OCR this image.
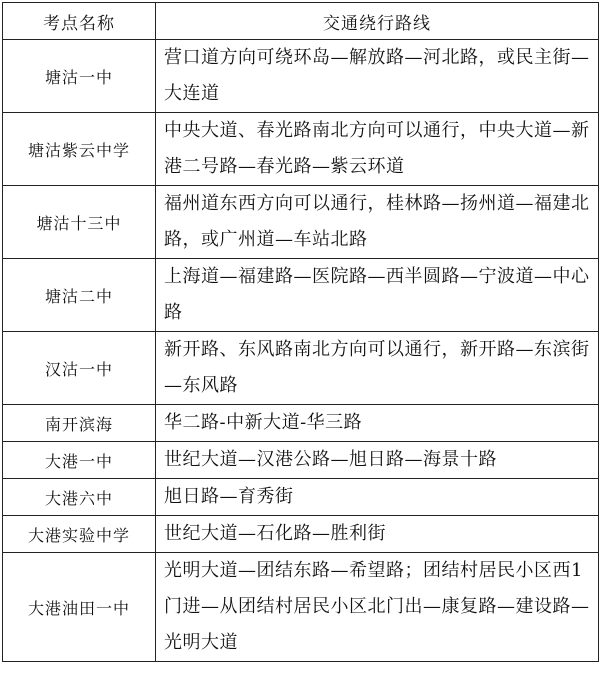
考点名称	交通绕行路线
塘沽一中	营口道方向可绕环岛—解放路—河北路，或民主街—大连道
塘沽紫云中学	中央大道、春光路南北方向可以通行，中央大道—新港二号路—春光路—紫云环道
塘沽十三中	福州道东西方向可以通行，桂林路—扬州道—福建北路，或广州道—车站北路
塘沽二中	上海道—福建路—医院路—西半圆路—宁波道—中心路
汉沽一中	新开路、东风路南北方向可以通行，新开路—东滨街—东风路
南开滨海	华二路-中新大道-华三路
大港一中	世纪大道—汉港公路—旭日路—海景十路
大港六中	旭日路—育秀街
大港实验中学	世纪大道—石化路—胜利街
大港油田一中	光明大道—团结东路—希望路；团结村居民小区西1门进—从团结村居民小区北门出—康复路—建设路—光明大道
